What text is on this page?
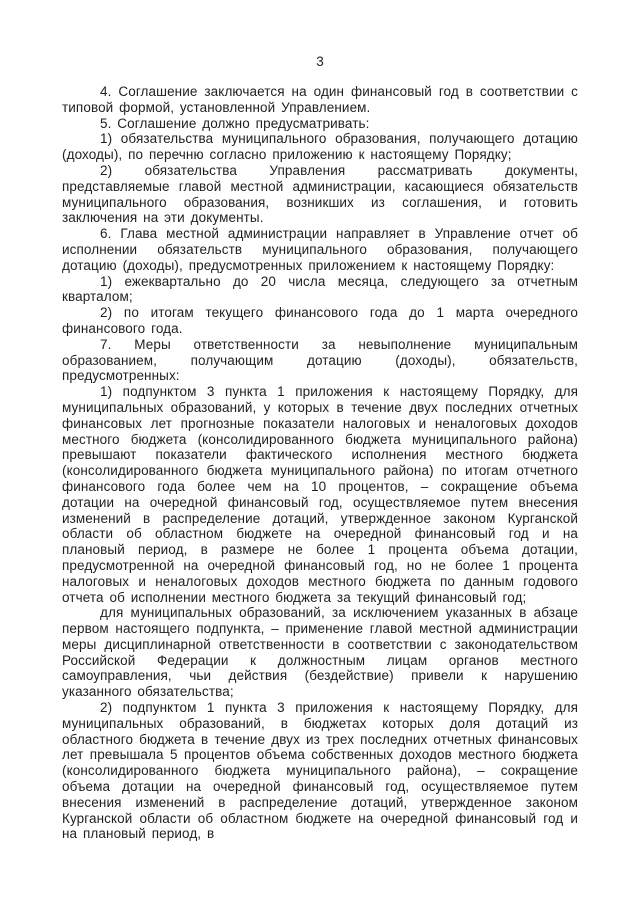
3

4. Соглашение заключается на один финансовый год в соответствии с типовой формой, установленной Управлением.

5. Соглашение должно предусматривать:

1) обязательства муниципального образования, получающего дотацию (доходы), по перечню согласно приложению к настоящему Порядку;

2) обязательства Управления рассматривать документы, представляемые главой местной администрации, касающиеся обязательств муниципального образования, возникших из соглашения, и готовить заключения на эти документы.

6. Глава местной администрации направляет в Управление отчет об исполнении обязательств муниципального образования, получающего дотацию (доходы), предусмотренных приложением к настоящему Порядку:

1) ежеквартально до 20 числа месяца, следующего за отчетным кварталом;

2) по итогам текущего финансового года до 1 марта очередного финансового года.

7. Меры ответственности за невыполнение муниципальным образованием, получающим дотацию (доходы), обязательств, предусмотренных:

1) подпунктом 3 пункта 1 приложения к настоящему Порядку, для муниципальных образований, у которых в течение двух последних отчетных финансовых лет прогнозные показатели налоговых и неналоговых доходов местного бюджета (консолидированного бюджета муниципального района) превышают показатели фактического исполнения местного бюджета (консолидированного бюджета муниципального района) по итогам отчетного финансового года более чем на 10 процентов, – сокращение объема дотации на очередной финансовый год, осуществляемое путем внесения изменений в распределение дотаций, утвержденное законом Курганской области об областном бюджете на очередной финансовый год и на плановый период, в размере не более 1 процента объема дотации, предусмотренной на очередной финансовый год, но не более 1 процента налоговых и неналоговых доходов местного бюджета по данным годового отчета об исполнении местного бюджета за текущий финансовый год;

для муниципальных образований, за исключением указанных в абзаце первом настоящего подпункта, – применение главой местной администрации меры дисциплинарной ответственности в соответствии с законодательством Российской Федерации к должностным лицам органов местного самоуправления, чьи действия (бездействие) привели к нарушению указанного обязательства;

2) подпунктом 1 пункта 3 приложения к настоящему Порядку, для муниципальных образований, в бюджетах которых доля дотаций из областного бюджета в течение двух из трех последних отчетных финансовых лет превышала 5 процентов объема собственных доходов местного бюджета (консолидированного бюджета муниципального района), – сокращение объема дотации на очередной финансовый год, осуществляемое путем внесения изменений в распределение дотаций, утвержденное законом Курганской области об областном бюджете на очередной финансовый год и на плановый период, в
